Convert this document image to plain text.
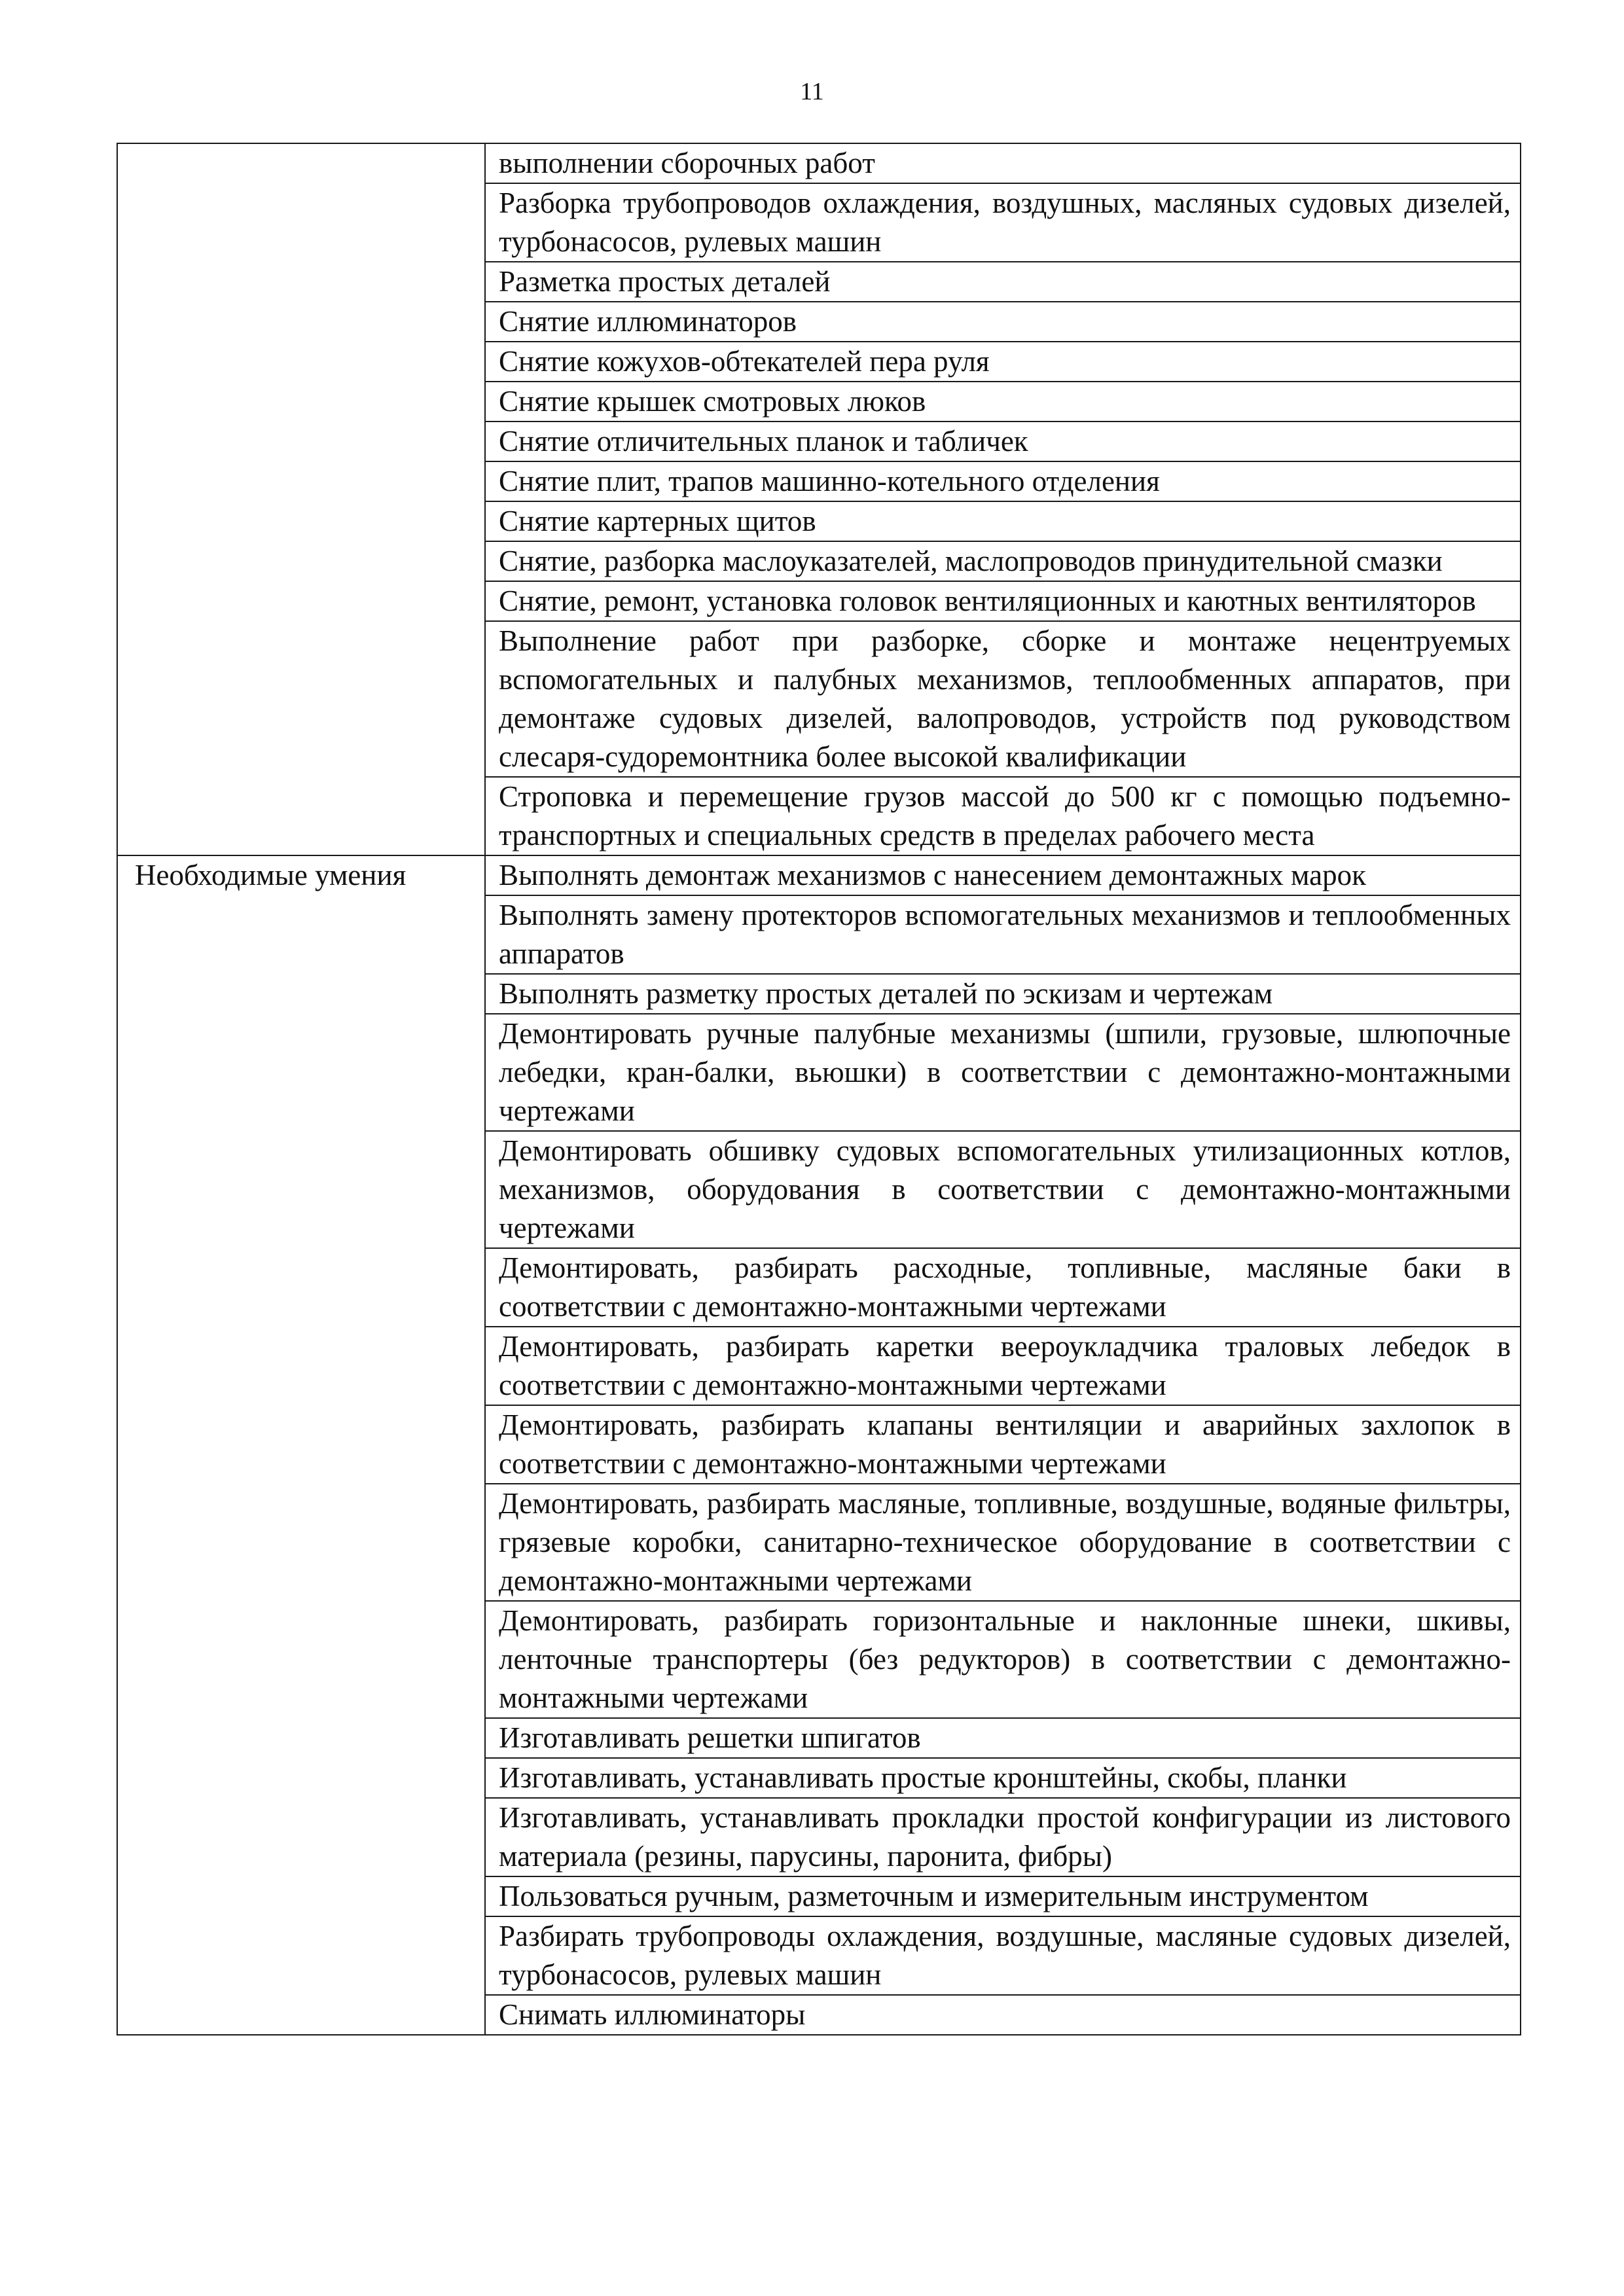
11
	выполнении сборочных работ
	Разборка трубопроводов охлаждения, воздушных, масляных судовых дизелей, турбонасосов, рулевых машин
	Разметка простых деталей
	Снятие иллюминаторов
	Снятие кожухов-обтекателей пера руля
	Снятие крышек смотровых люков
	Снятие отличительных планок и табличек
	Снятие плит, трапов машинно-котельного отделения
	Снятие картерных щитов
	Снятие, разборка маслоуказателей, маслопроводов принудительной смазки
	Снятие, ремонт, установка головок вентиляционных и каютных вентиляторов
	Выполнение работ при разборке, сборке и монтаже нецентруемых вспомогательных и палубных механизмов, теплообменных аппаратов, при демонтаже судовых дизелей, валопроводов, устройств под руководством слесаря-судоремонтника более высокой квалификации
	Строповка и перемещение грузов массой до 500 кг с помощью подъемно-транспортных и специальных средств в пределах рабочего места
Необходимые умения	Выполнять демонтаж механизмов с нанесением демонтажных марок
	Выполнять замену протекторов вспомогательных механизмов и теплообменных аппаратов
	Выполнять разметку простых деталей по эскизам и чертежам
	Демонтировать ручные палубные механизмы (шпили, грузовые, шлюпочные лебедки, кран-балки, вьюшки) в соответствии с демонтажно-монтажными чертежами
	Демонтировать обшивку судовых вспомогательных утилизационных котлов, механизмов, оборудования в соответствии с демонтажно-монтажными чертежами
	Демонтировать, разбирать расходные, топливные, масляные баки в соответствии с демонтажно-монтажными чертежами
	Демонтировать, разбирать каретки веероукладчика траловых лебедок в соответствии с демонтажно-монтажными чертежами
	Демонтировать, разбирать клапаны вентиляции и аварийных захлопок в соответствии с демонтажно-монтажными чертежами
	Демонтировать, разбирать масляные, топливные, воздушные, водяные фильтры, грязевые коробки, санитарно-техническое оборудование в соответствии с демонтажно-монтажными чертежами
	Демонтировать, разбирать горизонтальные и наклонные шнеки, шкивы, ленточные транспортеры (без редукторов) в соответствии с демонтажно-монтажными чертежами
	Изготавливать решетки шпигатов
	Изготавливать, устанавливать простые кронштейны, скобы, планки
	Изготавливать, устанавливать прокладки простой конфигурации из листового материала (резины, парусины, паронита, фибры)
	Пользоваться ручным, разметочным и измерительным инструментом
	Разбирать трубопроводы охлаждения, воздушные, масляные судовых дизелей, турбонасосов, рулевых машин
	Снимать иллюминаторы
